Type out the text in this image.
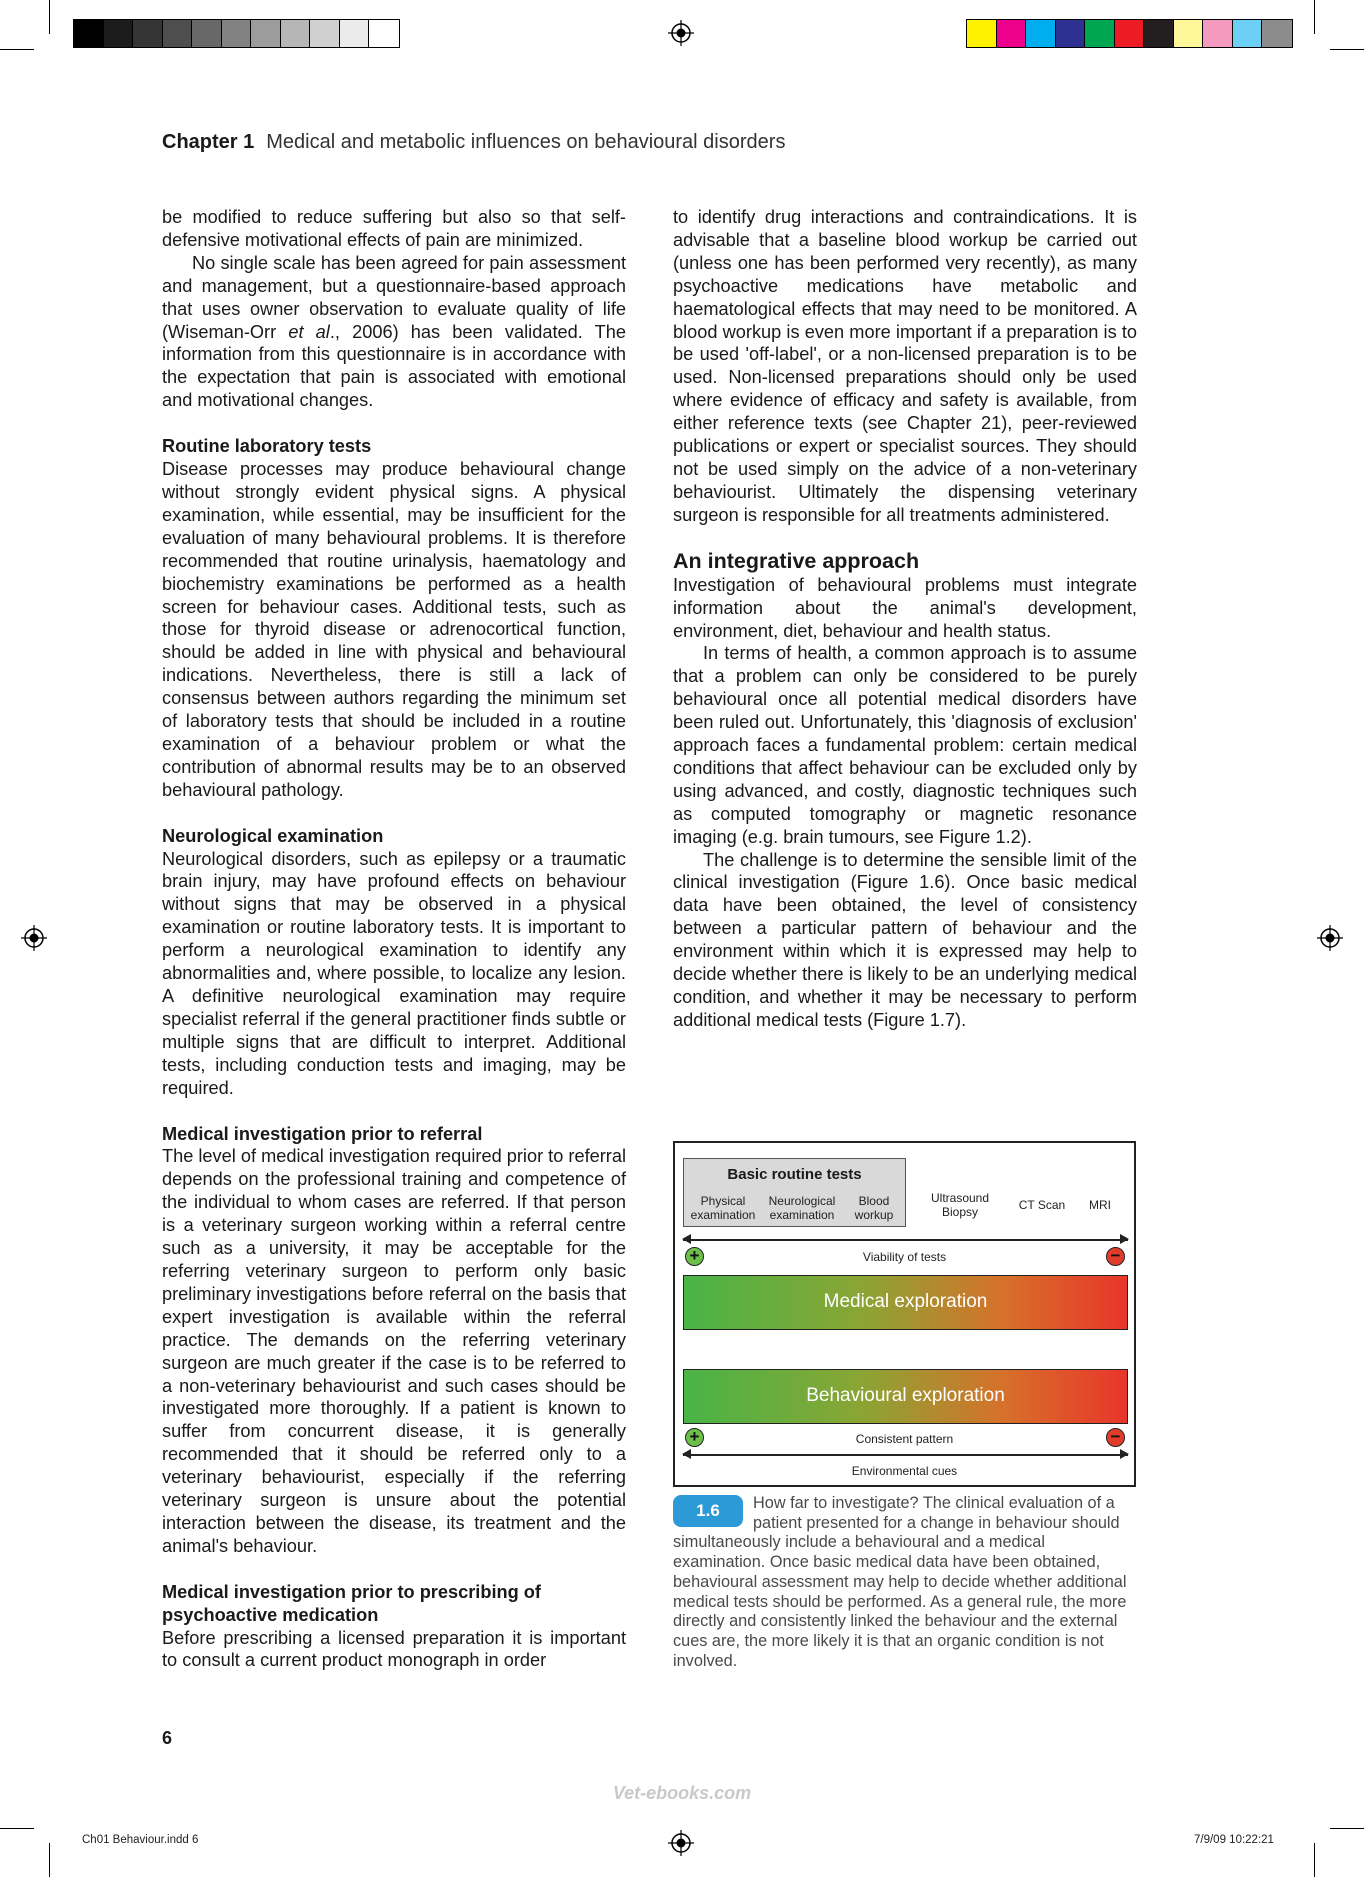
Chapter 1 Medical and metabolic influences on behavioural disorders

be modified to reduce suffering but also so that self-defensive motivational effects of pain are minimized.

No single scale has been agreed for pain assessment and management, but a questionnaire-based approach that uses owner observation to evaluate quality of life (Wiseman-Orr et al., 2006) has been validated. The information from this questionnaire is in accordance with the expectation that pain is associated with emotional and motivational changes.

Routine laboratory tests

Disease processes may produce behavioural change without strongly evident physical signs. A physical examination, while essential, may be insufficient for the evaluation of many behavioural problems. It is therefore recommended that routine urinalysis, haematology and biochemistry examinations be performed as a health screen for behaviour cases. Additional tests, such as those for thyroid disease or adrenocortical function, should be added in line with physical and behavioural indications. Nevertheless, there is still a lack of consensus between authors regarding the minimum set of laboratory tests that should be included in a routine examination of a behaviour problem or what the contribution of abnormal results may be to an observed behavioural pathology.

Neurological examination

Neurological disorders, such as epilepsy or a traumatic brain injury, may have profound effects on behaviour without signs that may be observed in a physical examination or routine laboratory tests. It is important to perform a neurological examination to identify any abnormalities and, where possible, to localize any lesion. A definitive neurological examination may require specialist referral if the general practitioner finds subtle or multiple signs that are difficult to interpret. Additional tests, including conduction tests and imaging, may be required.

Medical investigation prior to referral

The level of medical investigation required prior to referral depends on the professional training and competence of the individual to whom cases are referred. If that person is a veterinary surgeon working within a referral centre such as a university, it may be acceptable for the referring veterinary surgeon to perform only basic preliminary investigations before referral on the basis that expert investigation is available within the referral practice. The demands on the referring veterinary surgeon are much greater if the case is to be referred to a non-veterinary behaviourist and such cases should be investigated more thoroughly. If a patient is known to suffer from concurrent disease, it is generally recommended that it should be referred only to a veterinary behaviourist, especially if the referring veterinary surgeon is unsure about the potential interaction between the disease, its treatment and the animal's behaviour.

Medical investigation prior to prescribing of psychoactive medication

Before prescribing a licensed preparation it is important to consult a current product monograph in order

to identify drug interactions and contraindications. It is advisable that a baseline blood workup be carried out (unless one has been performed very recently), as many psychoactive medications have metabolic and haematological effects that may need to be monitored. A blood workup is even more important if a preparation is to be used 'off-label', or a non-licensed preparation is to be used. Non-licensed preparations should only be used where evidence of efficacy and safety is available, from either reference texts (see Chapter 21), peer-reviewed publications or expert or specialist sources. They should not be used simply on the advice of a non-veterinary behaviourist. Ultimately the dispensing veterinary surgeon is responsible for all treatments administered.

An integrative approach

Investigation of behavioural problems must integrate information about the animal's development, environment, diet, behaviour and health status.

In terms of health, a common approach is to assume that a problem can only be considered to be purely behavioural once all potential medical disorders have been ruled out. Unfortunately, this 'diagnosis of exclusion' approach faces a fundamental problem: certain medical conditions that affect behaviour can be excluded only by using advanced, and costly, diagnostic techniques such as computed tomography or magnetic resonance imaging (e.g. brain tumours, see Figure 1.2).

The challenge is to determine the sensible limit of the clinical investigation (Figure 1.6). Once basic medical data have been obtained, the level of consistency between a particular pattern of behaviour and the environment within which it is expressed may help to decide whether there is likely to be an underlying medical condition, and whether it may be necessary to perform additional medical tests (Figure 1.7).

Basic routine tests
Physical examination
Neurological examination
Blood workup
Ultrasound Biopsy	CT Scan	MRI
+	Viability of tests	−
Medical exploration
Behavioural exploration
+	Consistent pattern	−
Environmental cues
1.6	How far to investigate? The clinical evaluation of a patient presented for a change in behaviour should simultaneously include a behavioural and a medical examination. Once basic medical data have been obtained, behavioural assessment may help to decide whether additional medical tests should be performed. As a general rule, the more directly and consistently linked the behaviour and the external cues are, the more likely it is that an organic condition is not involved.
6
Vet-ebooks.com
Ch01 Behaviour.indd 6	7/9/09 10:22:21
